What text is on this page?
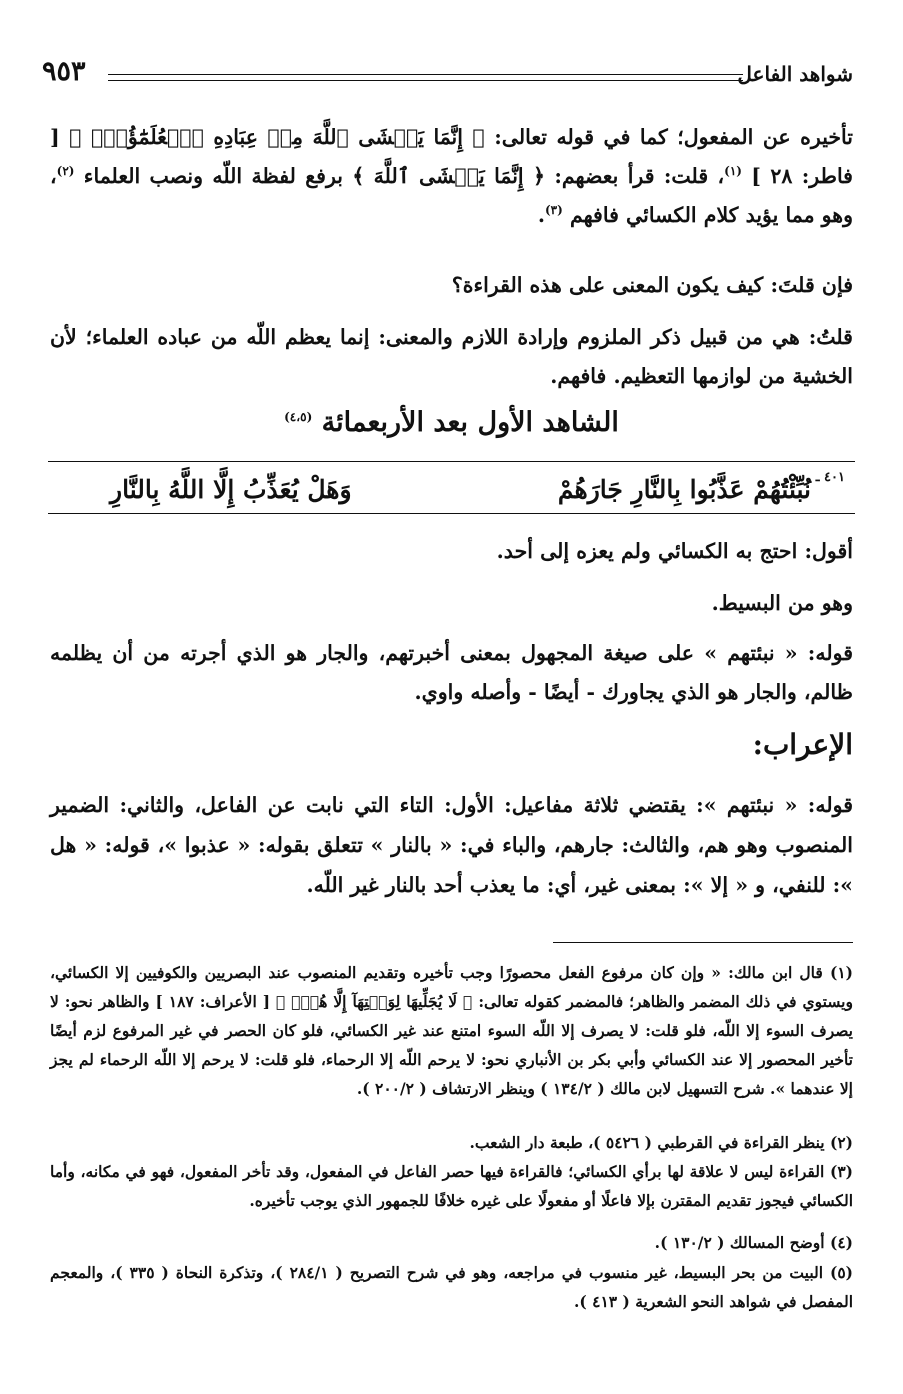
شواهد الفاعل
٩٥٣
تأخيره عن المفعول؛ كما في قوله تعالى: ﴿ إِنَّمَا يَخۡشَى ٱللَّهَ مِنۡ عِبَادِهِ ٱلۡعُلَمَٰٓؤُاْۗ ﴾ [ فاطر: ٢٨ ] $^{(١)}$، قلت: قرأ بعضهم: ﴿ إِنَّمَا يَخۡشَى ٱللَّهَ ﴾ برفع لفظة اللّه ونصب العلماء $^{(٢)}$، وهو مما يؤيد كلام الكسائي فافهم $^{(٣)}$.
فإن قلتَ: كيف يكون المعنى على هذه القراءة؟
قلتُ: هي من قبيل ذكر الملزوم وإرادة اللازم والمعنى: إنما يعظم اللّه من عباده العلماء؛ لأن الخشية من لوازمها التعظيم. فافهم.
الشاهد الأول بعد الأربعمائة $^{(٤،٥)}$
٤٠١ ـ
نُبِّئْتُهُمْ عَذَّبُوا بِالنَّارِ جَارَهُمْ
وَهَلْ يُعَذِّبُ إِلَّا اللَّهُ بِالنَّارِ
أقول: احتج به الكسائي ولم يعزه إلى أحد.
وهو من البسيط.
قوله: « نبئتهم » على صيغة المجهول بمعنى أخبرتهم، والجار هو الذي أجرته من أن يظلمه ظالم، والجار هو الذي يجاورك - أيضًا - وأصله واوي.
الإعراب:
قوله: « نبئتهم »: يقتضي ثلاثة مفاعيل: الأول: التاء التي نابت عن الفاعل، والثاني: الضمير المنصوب وهو هم، والثالث: جارهم، والباء في: « بالنار » تتعلق بقوله: « عذبوا »، قوله: « هل »: للنفي، و « إلا »: بمعنى غير، أي: ما يعذب أحد بالنار غير اللّه.
(١) قال ابن مالك: « وإن كان مرفوع الفعل محصورًا وجب تأخيره وتقديم المنصوب عند البصريين والكوفيين إلا الكسائي، ويستوي في ذلك المضمر والظاهر؛ فالمضمر كقوله تعالى: ﴿ لَا يُجَلِّيهَا لِوَقۡتِهَآ إِلَّا هُوَۚ ﴾ [ الأعراف: ١٨٧ ] والظاهر نحو: لا يصرف السوء إلا اللّه، فلو قلت: لا يصرف إلا اللّه السوء امتنع عند غير الكسائي، فلو كان الحصر في غير المرفوع لزم أيضًا تأخير المحصور إلا عند الكسائي وأبي بكر بن الأنباري نحو: لا يرحم اللّه إلا الرحماء، فلو قلت: لا يرحم إلا اللّه الرحماء لم يجز إلا عندهما ». شرح التسهيل لابن مالك ( ١٣٤/٢ ) وينظر الارتشاف ( ٢٠٠/٢ ).
(٢) ينظر القراءة في القرطبي ( ٥٤٢٦ )، طبعة دار الشعب.
(٣) القراءة ليس لا علاقة لها برأي الكسائي؛ فالقراءة فيها حصر الفاعل في المفعول، وقد تأخر المفعول، فهو في مكانه، وأما الكسائي فيجوز تقديم المقترن بإلا فاعلًا أو مفعولًا على غيره خلافًا للجمهور الذي يوجب تأخيره.
(٤) أوضح المسالك ( ١٣٠/٢ ).
(٥) البيت من بحر البسيط، غير منسوب في مراجعه، وهو في شرح التصريح ( ٢٨٤/١ )، وتذكرة النحاة ( ٣٣٥ )، والمعجم المفصل في شواهد النحو الشعرية ( ٤١٣ ).
